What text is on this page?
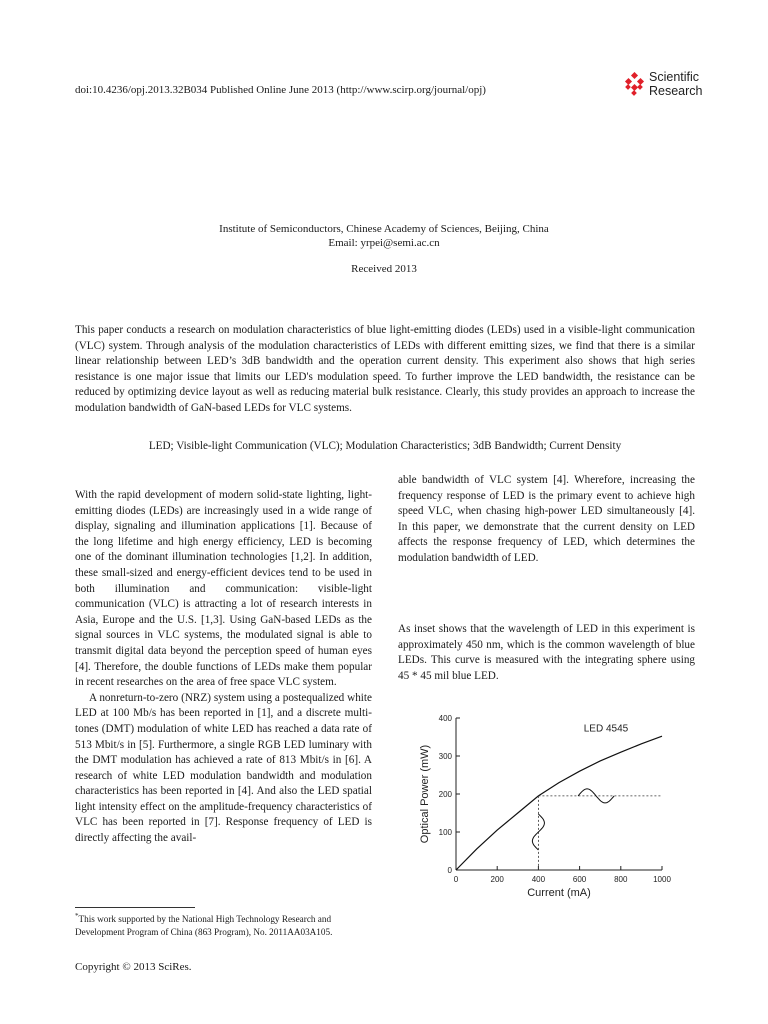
doi:10.4236/opj.2013.32B034 Published Online June 2013 (http://www.scirp.org/journal/opj)
Scientific
Research
Institute of Semiconductors, Chinese Academy of Sciences, Beijing, China
Email: yrpei@semi.ac.cn
Received 2013
This paper conducts a research on modulation characteristics of blue light-emitting diodes (LEDs) used in a visible-light communication (VLC) system. Through analysis of the modulation characteristics of LEDs with different emitting sizes, we find that there is a similar linear relationship between LED’s 3dB bandwidth and the operation current density. This experiment also shows that high series resistance is one major issue that limits our LED's modulation speed. To further improve the LED bandwidth, the resistance can be reduced by optimizing device layout as well as reducing material bulk resistance. Clearly, this study provides an approach to increase the modulation bandwidth of GaN-based LEDs for VLC systems.
LED; Visible-light Communication (VLC); Modulation Characteristics; 3dB Bandwidth; Current Density

With the rapid development of modern solid-state lighting, light-emitting diodes (LEDs) are increasingly used in a wide range of display, signaling and illumination applications [1]. Because of the long lifetime and high energy efficiency, LED is becoming one of the dominant illumination technologies [1,2]. In addition, these small-sized and energy-efficient devices tend to be used in both illumination and communication: visible-light communication (VLC) is attracting a lot of research interests in Asia, Europe and the U.S. [1,3]. Using GaN-based LEDs as the signal sources in VLC systems, the modulated signal is able to transmit digital data beyond the perception speed of human eyes [4]. Therefore, the double functions of LEDs make them popular in recent researches on the area of free space VLC system.

A nonreturn-to-zero (NRZ) system using a postequalized white LED at 100 Mb/s has been reported in [1], and a discrete multi-tones (DMT) modulation of white LED has reached a data rate of 513 Mbit/s in [5]. Furthermore, a single RGB LED luminary with the DMT modulation has achieved a rate of 813 Mbit/s in [6]. A research of white LED modulation bandwidth and modulation characteristics has been reported in [4]. And also the LED spatial light intensity effect on the amplitude-frequency characteristics of VLC has been reported in [7]. Response frequency of LED is directly affecting the avail-

able bandwidth of VLC system [4]. Wherefore, increasing the frequency response of LED is the primary event to achieve high speed VLC, when chasing high-power LED simultaneously [4]. In this paper, we demonstrate that the current density on LED affects the response frequency of LED, which determines the modulation bandwidth of LED.
As inset shows that the wavelength of LED in this experiment is approximately 450 nm, which is the common wavelength of blue LEDs. This curve is measured with the integrating sphere using 45 * 45 mil blue LED.
0	200	400	600	800	1000
0
100
200
300
400
Current (mA)
Optical Power (mW)
LED 4545
*This work supported by the National High Technology Research and Development Program of China (863 Program), No. 2011AA03A105.
Copyright © 2013 SciRes.
